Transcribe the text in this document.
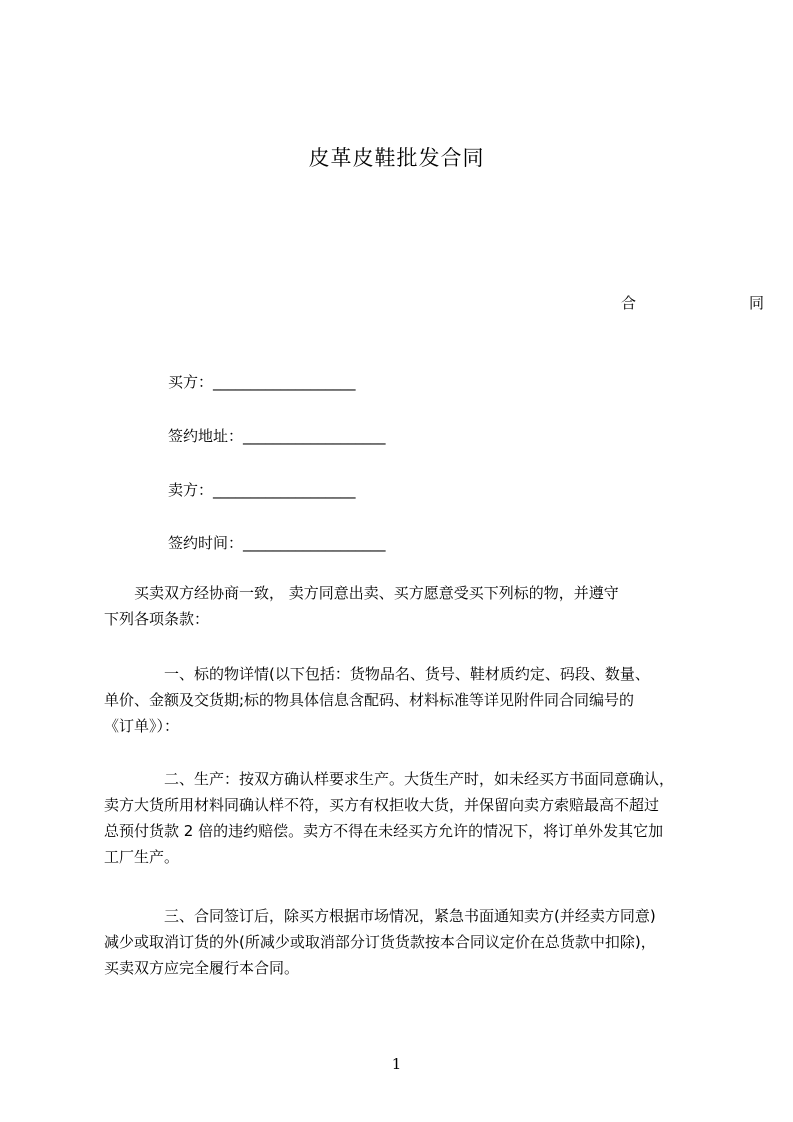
皮革皮鞋批发合同
合	同
买方：___________________
签约地址：___________________
卖方：___________________
签约时间：___________________
　　买卖双方经协商一致， 卖方同意出卖、买方愿意受买下列标的物，并遵守
下列各项条款：
　　　　一、标的物详情(以下包括：货物品名、货号、鞋材质约定、码段、数量、
单价、金额及交货期;标的物具体信息含配码、材料标准等详见附件同合同编号的
《订单》）：
　　　　二、生产：按双方确认样要求生产。大货生产时，如未经买方书面同意确认，
卖方大货所用材料同确认样不符，买方有权拒收大货，并保留向卖方索赔最高不超过
总预付货款 2 倍的违约赔偿。卖方不得在未经买方允许的情况下，将订单外发其它加
工厂生产。
　　　　三、合同签订后，除买方根据市场情况，紧急书面通知卖方(并经卖方同意)
减少或取消订货的外(所减少或取消部分订货货款按本合同议定价在总货款中扣除)，
买卖双方应完全履行本合同。
1
